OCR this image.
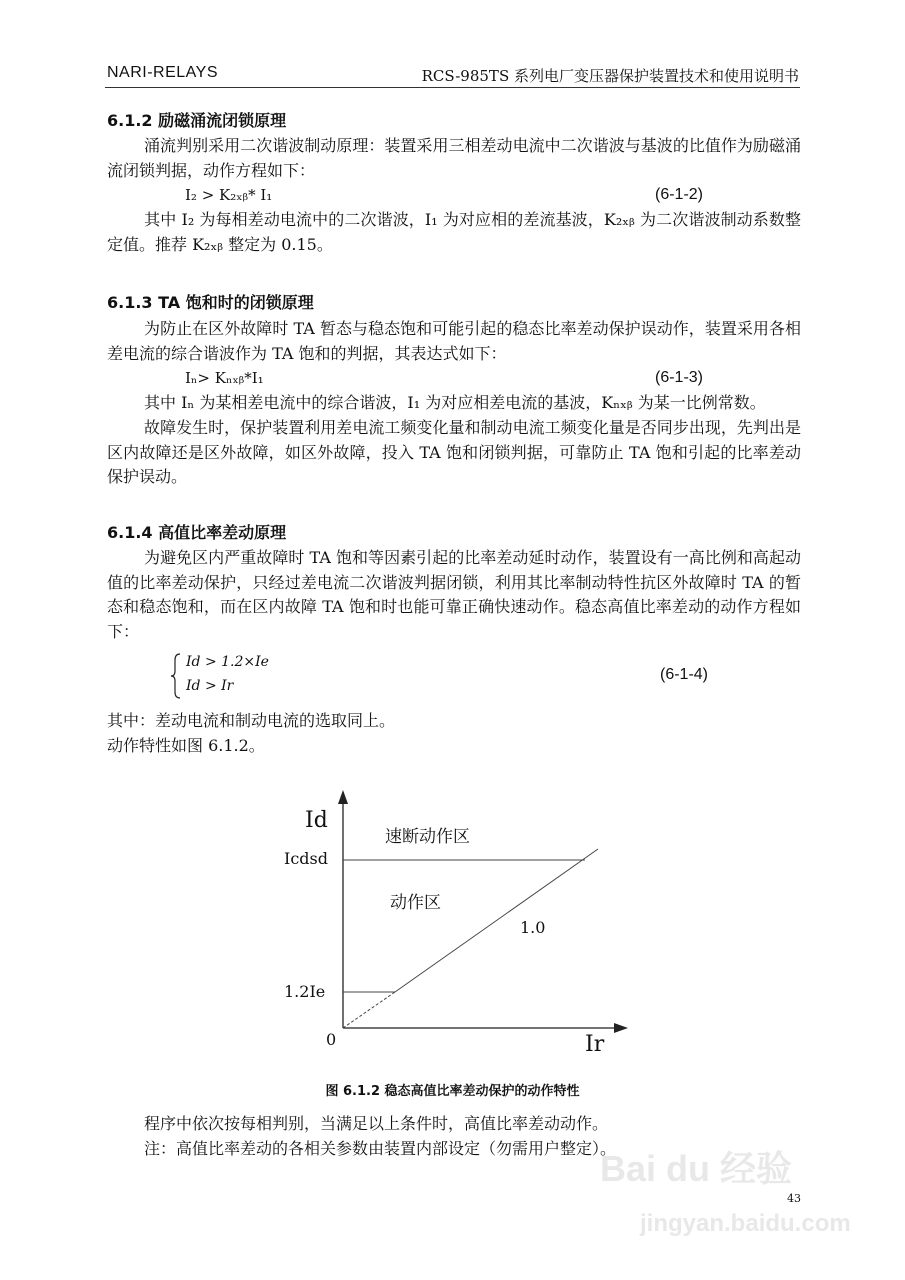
NARI-RELAYS	RCS-985TS 系列电厂变压器保护装置技术和使用说明书
6.1.2 励磁涌流闭锁原理
涌流判别采用二次谐波制动原理：装置采用三相差动电流中二次谐波与基波的比值作为励磁涌流闭锁判据，动作方程如下：
I₂ > K₂ₓᵦ* I₁	(6-1-2)
其中 I₂ 为每相差动电流中的二次谐波，I₁ 为对应相的差流基波，K₂ₓᵦ 为二次谐波制动系数整定值。推荐 K₂ₓᵦ 整定为 0.15。
6.1.3 TA 饱和时的闭锁原理
为防止在区外故障时 TA 暂态与稳态饱和可能引起的稳态比率差动保护误动作，装置采用各相差电流的综合谐波作为 TA 饱和的判据，其表达式如下：
Iₙ> Kₙₓᵦ*I₁	(6-1-3)
其中 Iₙ 为某相差电流中的综合谐波，I₁ 为对应相差电流的基波，Kₙₓᵦ 为某一比例常数。
故障发生时，保护装置利用差电流工频变化量和制动电流工频变化量是否同步出现，先判出是区内故障还是区外故障，如区外故障，投入 TA 饱和闭锁判据，可靠防止 TA 饱和引起的比率差动保护误动。
6.1.4 高值比率差动原理
为避免区内严重故障时 TA 饱和等因素引起的比率差动延时动作，装置设有一高比例和高起动值的比率差动保护，只经过差电流二次谐波判据闭锁，利用其比率制动特性抗区外故障时 TA 的暂态和稳态饱和，而在区内故障 TA 饱和时也能可靠正确快速动作。稳态高值比率差动的动作方程如下：
Id > 1.2×Ie
Id > Ir
(6-1-4)
其中：差动电流和制动电流的选取同上。
动作特性如图 6.1.2。
Id
速断动作区
Icdsd
动作区
1.0
1.2Ie
0	Ir
图 6.1.2 稳态高值比率差动保护的动作特性
程序中依次按每相判别，当满足以上条件时，高值比率差动动作。
注：高值比率差动的各相关参数由装置内部设定（勿需用户整定）。
Bai du 经验
43
jingyan.baidu.com
